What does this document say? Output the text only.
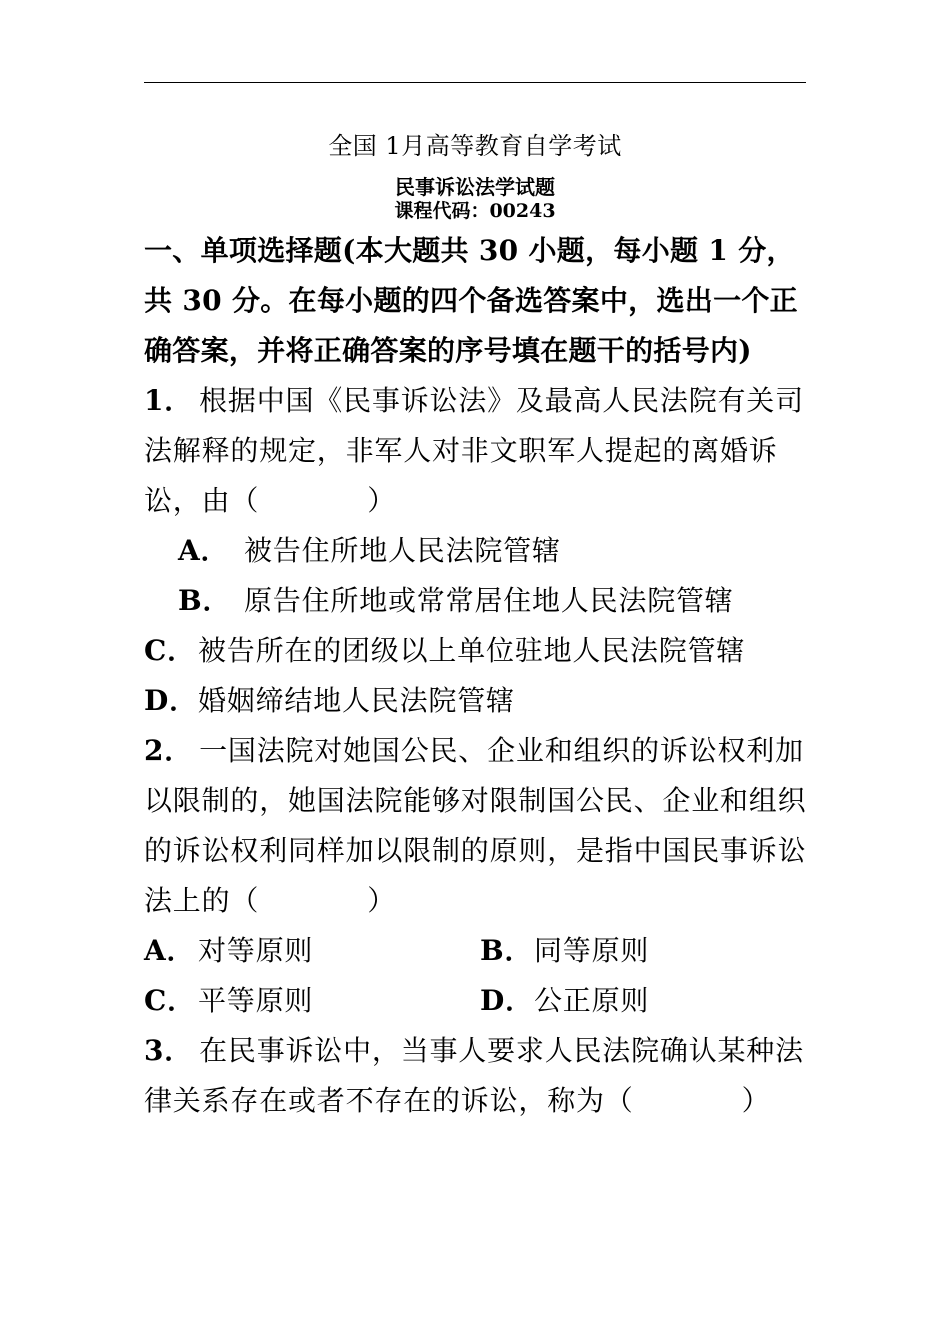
全国 1月高等教育自学考试

民事诉讼法学试题

课程代码：00243

一、单项选择题(本大题共 30 小题，每小题 1 分，共 30 分。在每小题的四个备选答案中，选出一个正确答案，并将正确答案的序号填在题干的括号内)

1． 根据中国《民事诉讼法》及最高人民法院有关司法解释的规定，非军人对非文职军人提起的离婚诉讼，由（	）

A． 被告住所地人民法院管辖

B． 原告住所地或常常居住地人民法院管辖

C．被告所在的团级以上单位驻地人民法院管辖

D．婚姻缔结地人民法院管辖

2． 一国法院对她国公民、企业和组织的诉讼权利加以限制的，她国法院能够对限制国公民、企业和组织的诉讼权利同样加以限制的原则，是指中国民事诉讼法上的（	）

A．对等原则	B．同等原则
C．平等原则	D．公正原则

3． 在民事诉讼中，当事人要求人民法院确认某种法律关系存在或者不存在的诉讼，称为（	）
